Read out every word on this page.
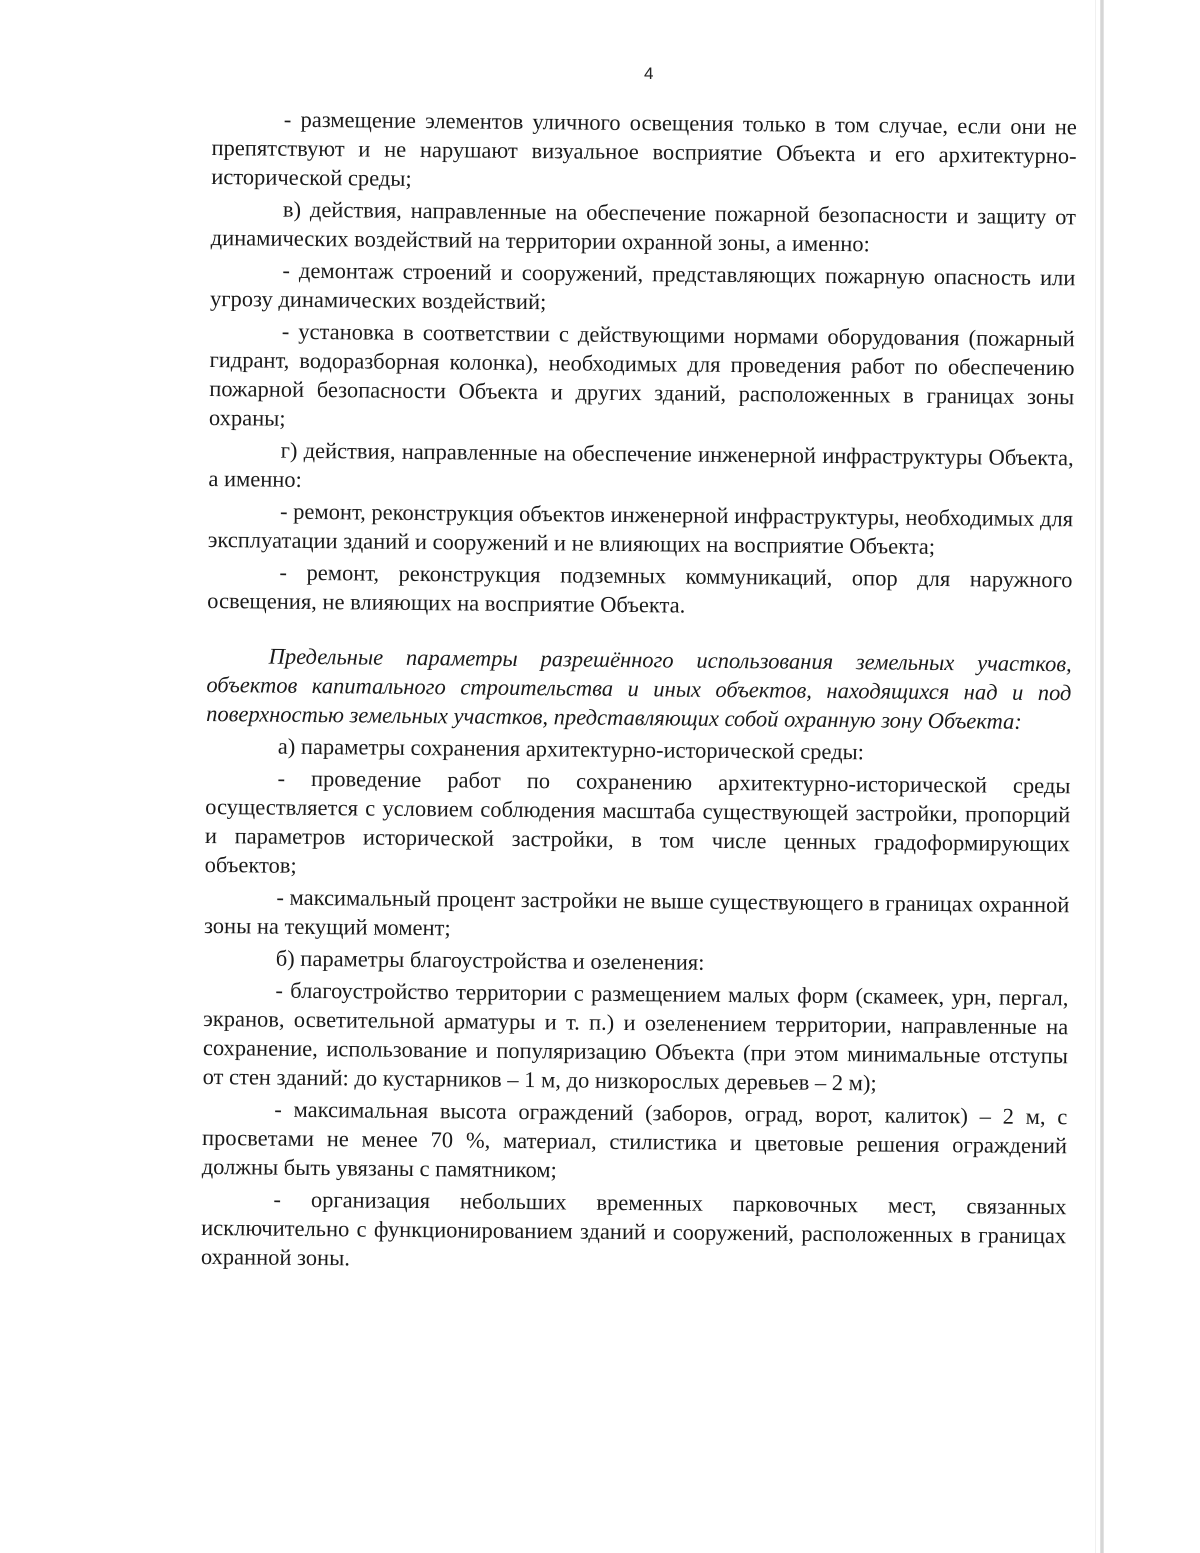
4

- размещение элементов уличного освещения только в том случае, если они не препятствуют и не нарушают визуальное восприятие Объекта и его архитектурно-исторической среды;

в) действия, направленные на обеспечение пожарной безопасности и защиту от динамических воздействий на территории охранной зоны, а именно:

- демонтаж строений и сооружений, представляющих пожарную опасность или угрозу динамических воздействий;

- установка в соответствии с действующими нормами оборудования (пожарный гидрант, водоразборная колонка), необходимых для проведения работ по обеспечению пожарной безопасности Объекта и других зданий, расположенных в границах зоны охраны;

г) действия, направленные на обеспечение инженерной инфраструктуры Объекта, а именно:

- ремонт, реконструкция объектов инженерной инфраструктуры, необходимых для эксплуатации зданий и сооружений и не влияющих на восприятие Объекта;

- ремонт, реконструкция подземных коммуникаций, опор для наружного освещения, не влияющих на восприятие Объекта.

Предельные параметры разрешённого использования земельных участков, объектов капитального строительства и иных объектов, находящихся над и под поверхностью земельных участков, представляющих собой охранную зону Объекта:

а) параметры сохранения архитектурно-исторической среды:

- проведение работ по сохранению архитектурно-исторической среды осуществляется с условием соблюдения масштаба существующей застройки, пропорций и параметров исторической застройки, в том числе ценных градоформирующих объектов;

- максимальный процент застройки не выше существующего в границах охранной зоны на текущий момент;

б) параметры благоустройства и озеленения:

- благоустройство территории с размещением малых форм (скамеек, урн, пергал, экранов, осветительной арматуры и т. п.) и озеленением территории, направленные на сохранение, использование и популяризацию Объекта (при этом минимальные отступы от стен зданий: до кустарников – 1 м, до низкорослых деревьев – 2 м);

- максимальная высота ограждений (заборов, оград, ворот, калиток) – 2 м, с просветами не менее 70 %, материал, стилистика и цветовые решения ограждений должны быть увязаны с памятником;

- организация небольших временных парковочных мест, связанных исключительно с функционированием зданий и сооружений, расположенных в границах охранной зоны.
